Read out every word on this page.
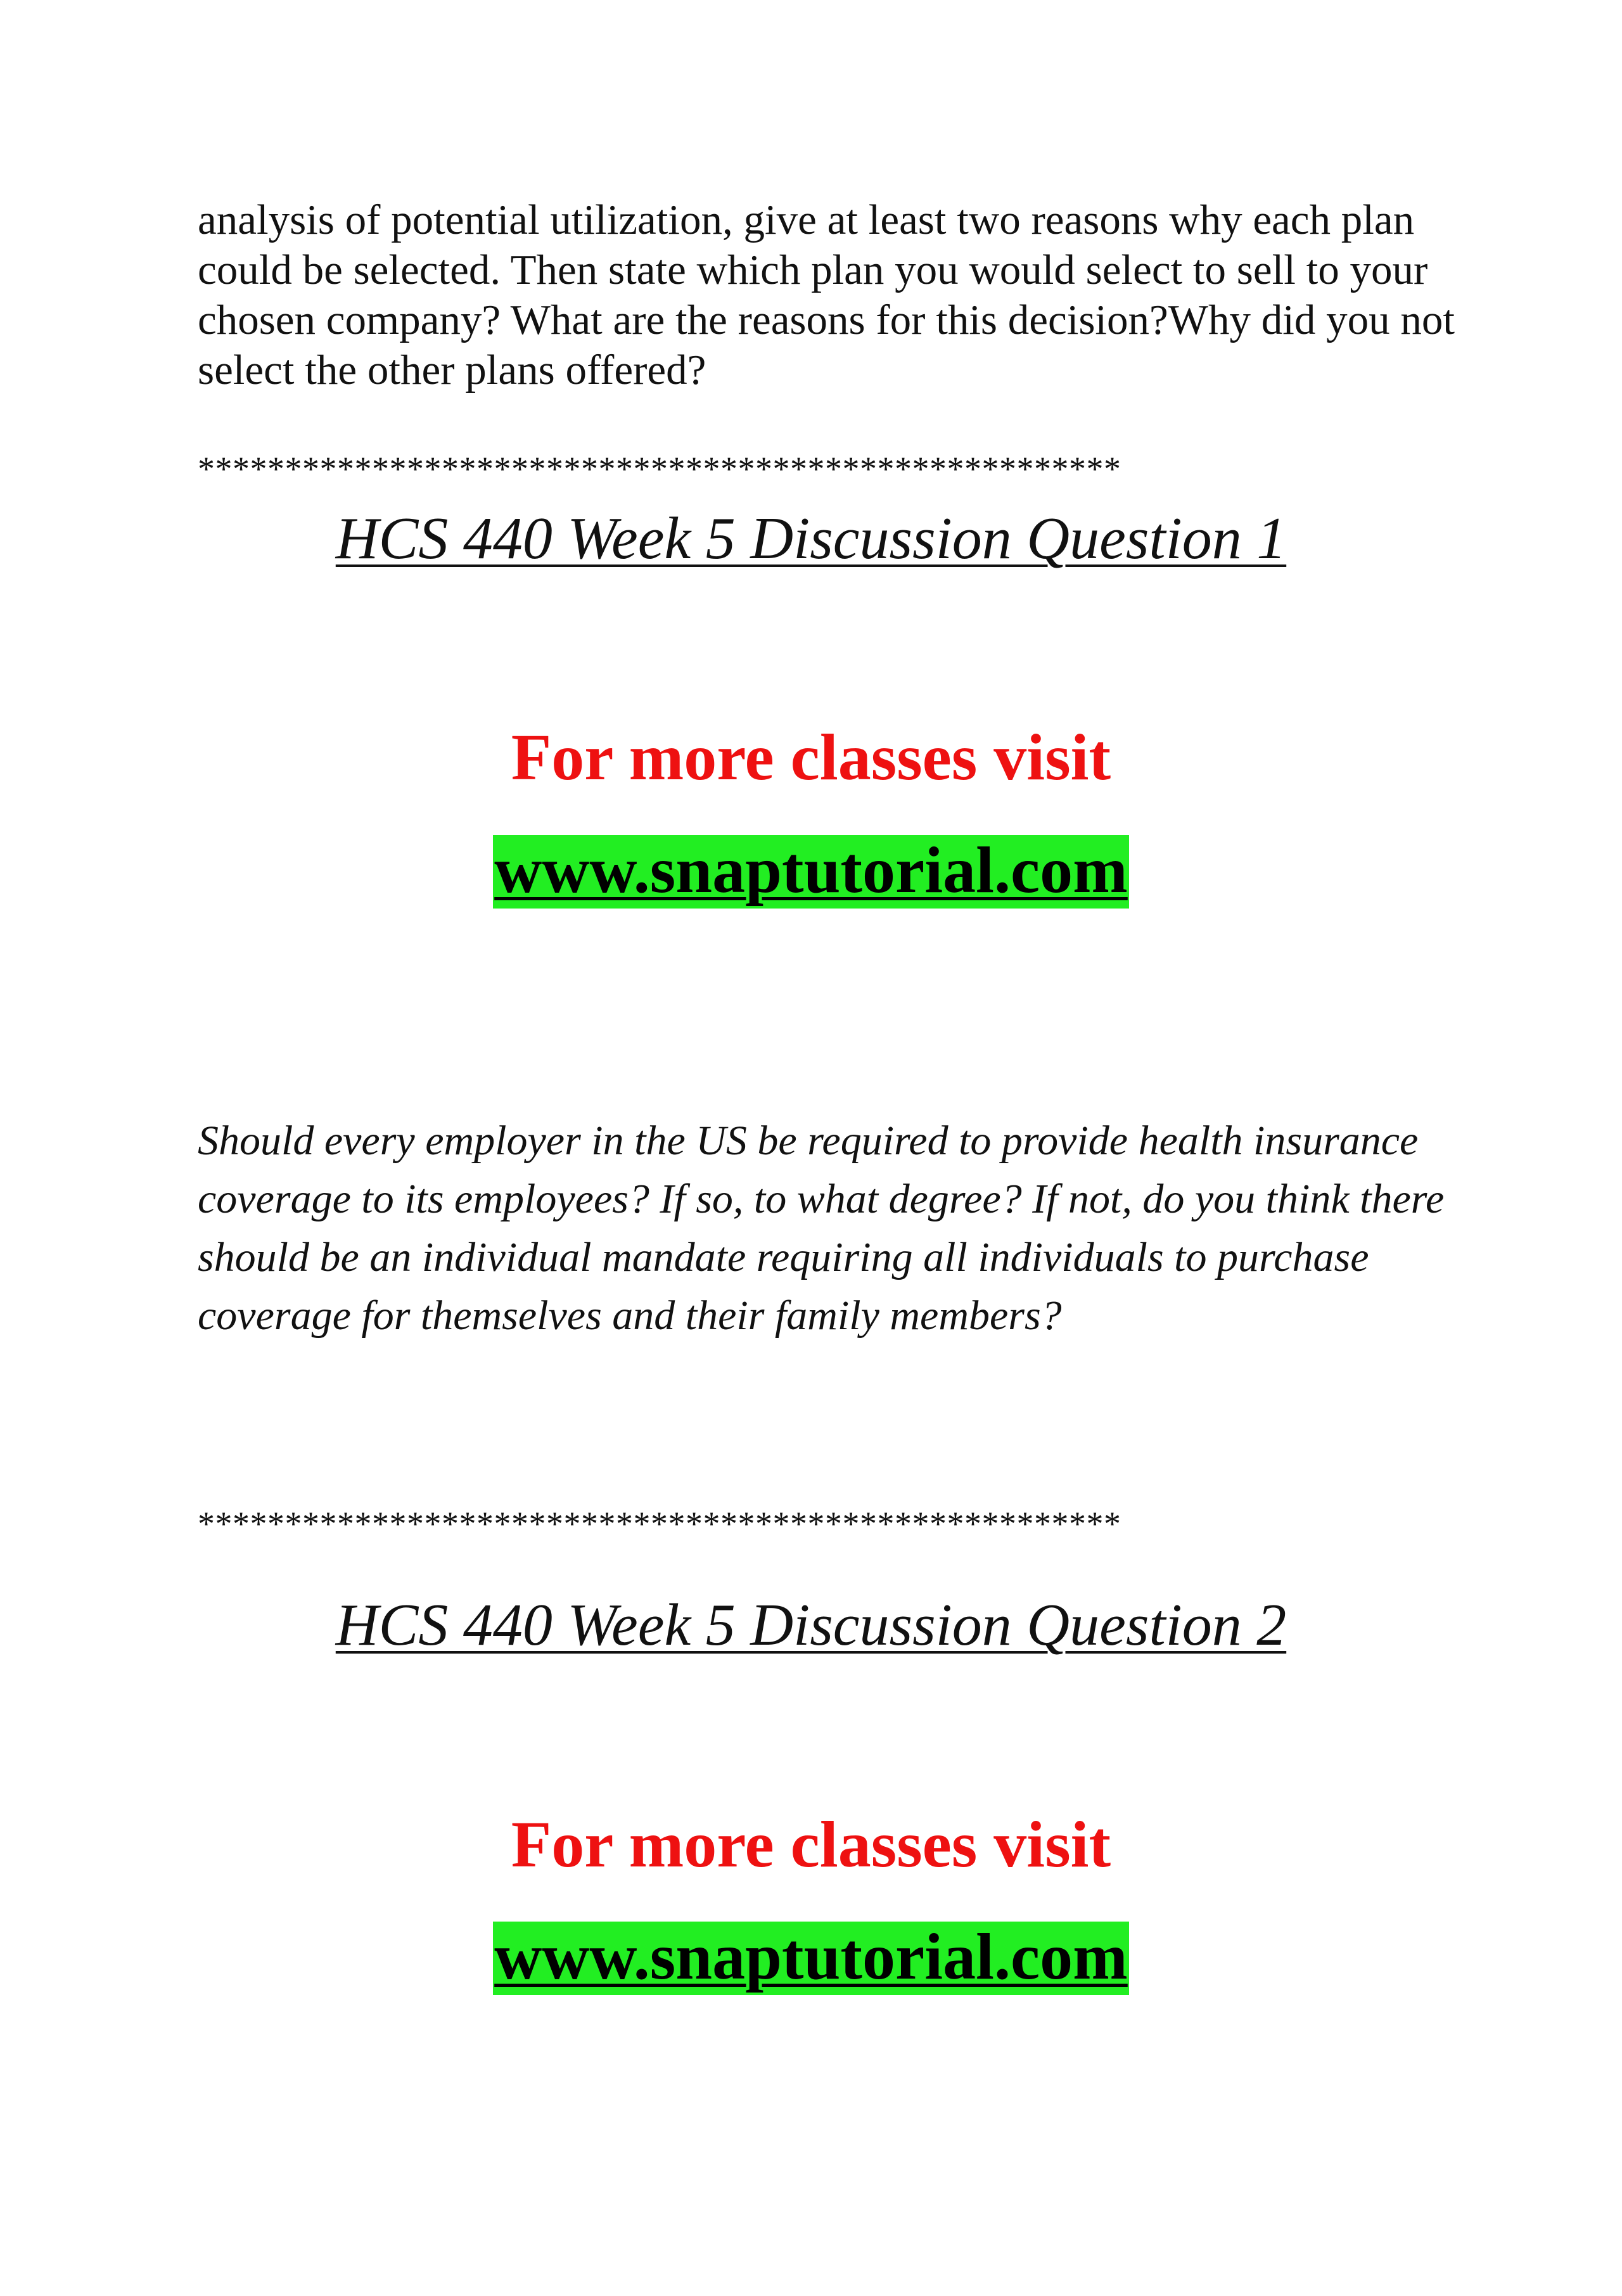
analysis of potential utilization, give at least two reasons why each plan could be selected. Then state which plan you would select to sell to your chosen company? What are the reasons for this decision?Why did you not select the other plans offered?

*****************************************************
HCS 440 Week 5 Discussion Question 1
For more classes visit
www.snaptutorial.com

Should every employer in the US be required to provide health insurance coverage to its employees? If so, to what degree? If not, do you think there should be an individual mandate requiring all individuals to purchase coverage for themselves and their family members?

*****************************************************
HCS 440 Week 5 Discussion Question 2
For more classes visit
www.snaptutorial.com
